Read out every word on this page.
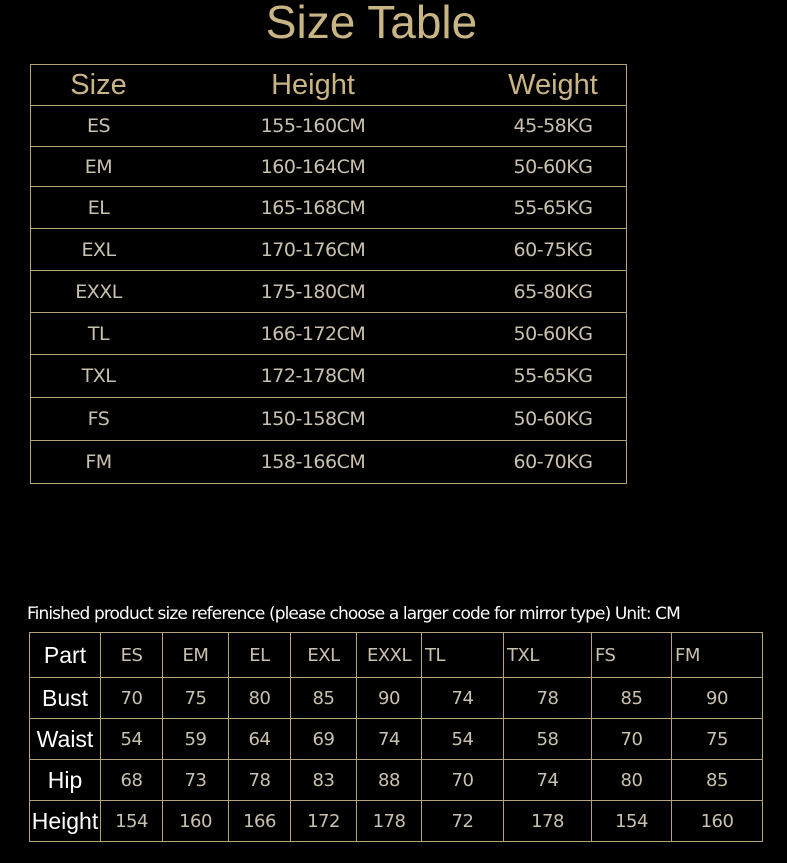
Size Table
Size	Height	Weight
ES	155-160CM	45-58KG
EM	160-164CM	50-60KG
EL	165-168CM	55-65KG
EXL	170-176CM	60-75KG
EXXL	175-180CM	65-80KG
TL	166-172CM	50-60KG
TXL	172-178CM	55-65KG
FS	150-158CM	50-60KG
FM	158-166CM	60-70KG
Finished product size reference (please choose a larger code for mirror type) Unit: CM
Part	ES	EM	EL	EXL	EXXL	TL	TXL	FS	FM
Bust	70	75	80	85	90	74	78	85	90
Waist	54	59	64	69	74	54	58	70	75
Hip	68	73	78	83	88	70	74	80	85
Height	154	160	166	172	178	72	178	154	160
